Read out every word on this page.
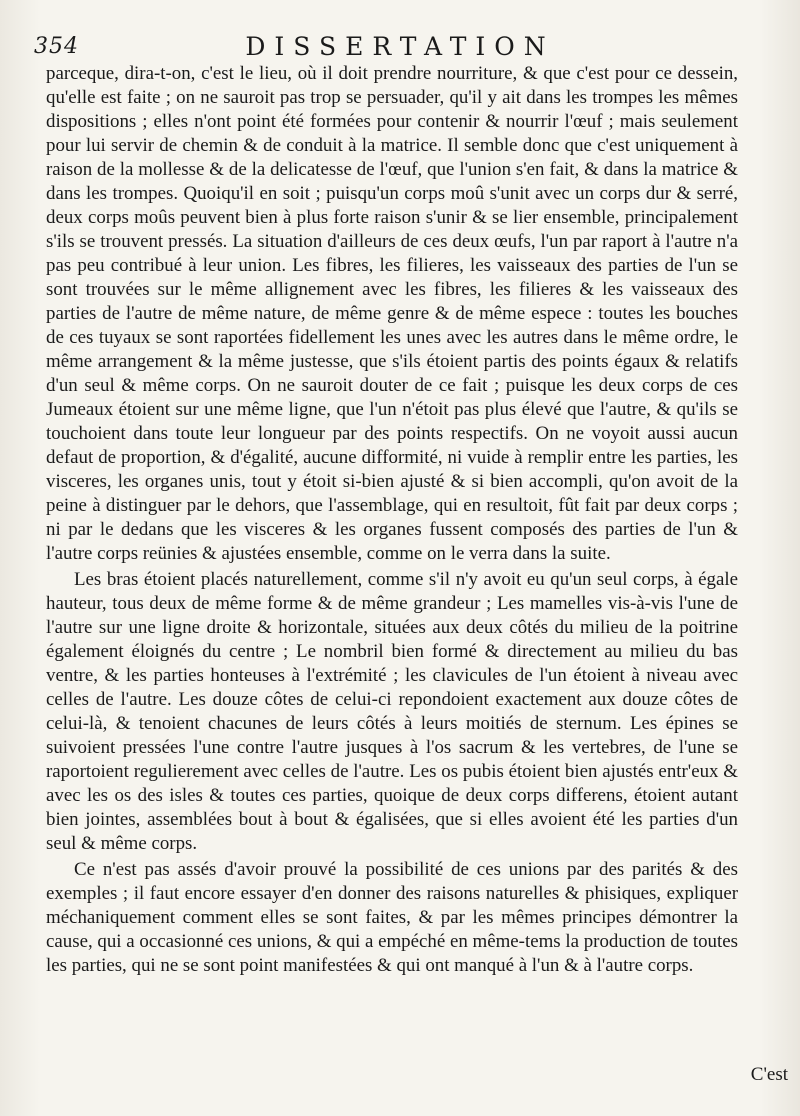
354	DISSERTATION

parceque, dira-t-on, c'est le lieu, où il doit prendre nourriture, & que c'est pour ce dessein, qu'elle est faite ; on ne sauroit pas trop se persuader, qu'il y ait dans les trompes les mêmes dispositions ; elles n'ont point été formées pour contenir & nourrir l'œuf ; mais seulement pour lui servir de chemin & de conduit à la matrice. Il semble donc que c'est uniquement à raison de la mollesse & de la delicatesse de l'œuf, que l'union s'en fait, & dans la matrice & dans les trompes. Quoiqu'il en soit ; puisqu'un corps moû s'unit avec un corps dur & serré, deux corps moûs peuvent bien à plus forte raison s'unir & se lier ensemble, principalement s'ils se trouvent pressés. La situation d'ailleurs de ces deux œufs, l'un par raport à l'autre n'a pas peu contribué à leur union. Les fibres, les filieres, les vaisseaux des parties de l'un se sont trouvées sur le même allignement avec les fibres, les filieres & les vaisseaux des parties de l'autre de même nature, de même genre & de même espece : toutes les bouches de ces tuyaux se sont raportées fidellement les unes avec les autres dans le même ordre, le même arrangement & la même justesse, que s'ils étoient partis des points égaux & relatifs d'un seul & même corps. On ne sauroit douter de ce fait ; puisque les deux corps de ces Jumeaux étoient sur une même ligne, que l'un n'étoit pas plus élevé que l'autre, & qu'ils se touchoient dans toute leur longueur par des points respectifs. On ne voyoit aussi aucun defaut de proportion, & d'égalité, aucune difformité, ni vuide à remplir entre les parties, les visceres, les organes unis, tout y étoit si-bien ajusté & si bien accompli, qu'on avoit de la peine à distinguer par le dehors, que l'assemblage, qui en resultoit, fût fait par deux corps ; ni par le dedans que les visceres & les organes fussent composés des parties de l'un & l'autre corps reünies & ajustées ensemble, comme on le verra dans la suite.

Les bras étoient placés naturellement, comme s'il n'y avoit eu qu'un seul corps, à égale hauteur, tous deux de même forme & de même grandeur ; Les mamelles vis-à-vis l'une de l'autre sur une ligne droite & horizontale, situées aux deux côtés du milieu de la poitrine également éloignés du centre ; Le nombril bien formé & directement au milieu du bas ventre, & les parties honteuses à l'extrémité ; les clavicules de l'un étoient à niveau avec celles de l'autre. Les douze côtes de celui-ci repondoient exactement aux douze côtes de celui-là, & tenoient chacunes de leurs côtés à leurs moitiés de sternum. Les épines se suivoient pressées l'une contre l'autre jusques à l'os sacrum & les vertebres, de l'une se raportoient regulierement avec celles de l'autre. Les os pubis étoient bien ajustés entr'eux & avec les os des isles & toutes ces parties, quoique de deux corps differens, étoient autant bien jointes, assemblées bout à bout & égalisées, que si elles avoient été les parties d'un seul & même corps.

Ce n'est pas assés d'avoir prouvé la possibilité de ces unions par des parités & des exemples ; il faut encore essayer d'en donner des raisons naturelles & phisiques, expliquer méchaniquement comment elles se sont faites, & par les mêmes principes démontrer la cause, qui a occasionné ces unions, & qui a empéché en même-tems la production de toutes les parties, qui ne se sont point manifestées & qui ont manqué à l'un & à l'autre corps.

C'est
